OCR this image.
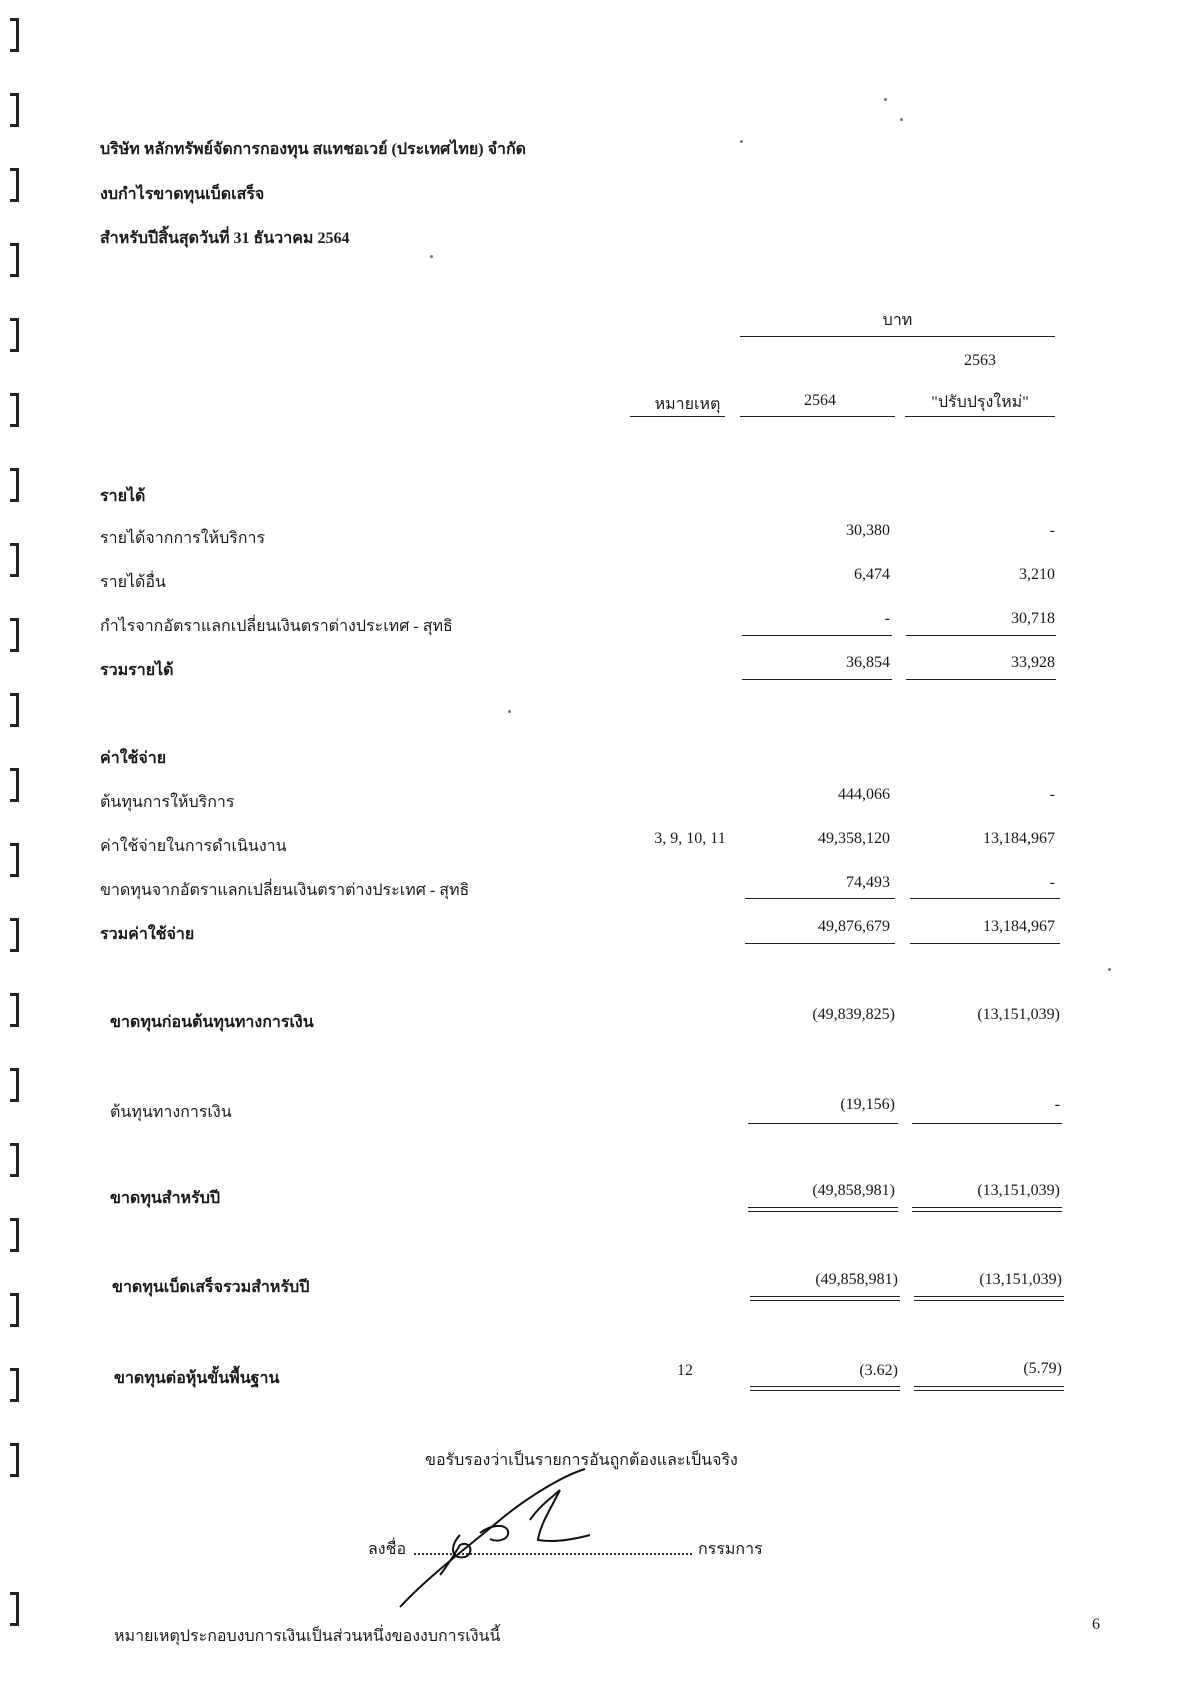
บริษัท หลักทรัพย์จัดการกองทุน สแทชอเวย์ (ประเทศไทย) จำกัด
งบกำไรขาดทุนเบ็ดเสร็จ
สำหรับปีสิ้นสุดวันที่ 31 ธันวาคม 2564
บาท
2563
หมายเหตุ	2564	"ปรับปรุงใหม่"
รายได้
รายได้จากการให้บริการ	30,380	-
รายได้อื่น	6,474	3,210
กำไรจากอัตราแลกเปลี่ยนเงินตราต่างประเทศ - สุทธิ	-	30,718
รวมรายได้	36,854	33,928
ค่าใช้จ่าย
ต้นทุนการให้บริการ	444,066	-
ค่าใช้จ่ายในการดำเนินงาน	3, 9, 10, 11	49,358,120	13,184,967
ขาดทุนจากอัตราแลกเปลี่ยนเงินตราต่างประเทศ - สุทธิ	74,493	-
รวมค่าใช้จ่าย	49,876,679	13,184,967
ขาดทุนก่อนต้นทุนทางการเงิน	(49,839,825)	(13,151,039)
ต้นทุนทางการเงิน	(19,156)	-
ขาดทุนสำหรับปี	(49,858,981)	(13,151,039)
ขาดทุนเบ็ดเสร็จรวมสำหรับปี	(49,858,981)	(13,151,039)
ขาดทุนต่อหุ้นขั้นพื้นฐาน	12	(3.62)	(5.79)
ขอรับรองว่าเป็นรายการอันถูกต้องและเป็นจริง
ลงชื่อ	กรรมการ
หมายเหตุประกอบงบการเงินเป็นส่วนหนึ่งของงบการเงินนี้
6
